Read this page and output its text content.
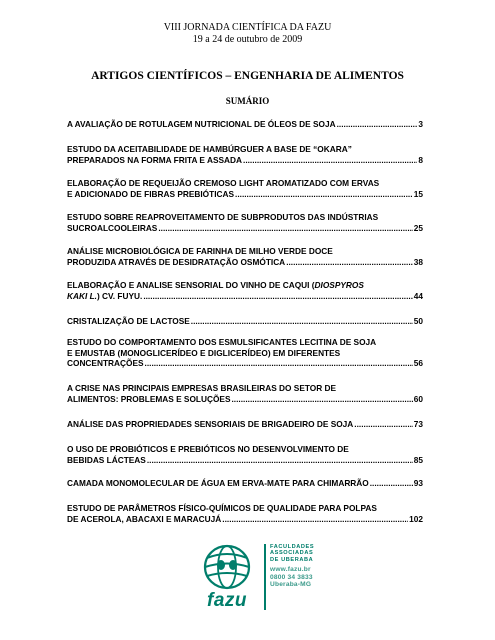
VIII JORNADA CIENTÍFICA DA FAZU
19 a 24 de outubro de 2009
ARTIGOS CIENTÍFICOS – ENGENHARIA DE ALIMENTOS
SUMÁRIO
A AVALIAÇÃO DE ROTULAGEM NUTRICIONAL DE ÓLEOS DE SOJA .....	3
ESTUDO DA ACEITABILIDADE DE HAMBÚRGUER A BASE DE “OKARA”
PREPARADOS NA FORMA FRITA E ASSADA .....	8
ELABORAÇÃO DE REQUEIJÃO CREMOSO LIGHT AROMATIZADO COM ERVAS
E ADICIONADO DE FIBRAS PREBIÓTICAS .....	15
ESTUDO SOBRE REAPROVEITAMENTO DE SUBPRODUTOS DAS INDÚSTRIAS
SUCROALCOOLEIRAS .....	25
ANÁLISE MICROBIOLÓGICA DE FARINHA DE MILHO VERDE DOCE
PRODUZIDA ATRAVÉS DE DESIDRATAÇÃO OSMÓTICA .....	38
ELABORAÇÃO E ANALISE SENSORIAL DO VINHO DE CAQUI (DIOSPYROS
KAKI L.) CV. FUYU. .....	44
CRISTALIZAÇÃO DE LACTOSE .....	50
ESTUDO DO COMPORTAMENTO DOS ESMULSIFICANTES LECITINA DE SOJA
E EMUSTAB (MONOGLICERÍDEO E DIGLICERÍDEO) EM DIFERENTES
CONCENTRAÇÕES .....	56
A CRISE NAS PRINCIPAIS EMPRESAS BRASILEIRAS DO SETOR DE
ALIMENTOS: PROBLEMAS E SOLUÇÕES .....	60
ANÁLISE DAS PROPRIEDADES SENSORIAIS DE BRIGADEIRO DE SOJA .....	73
O USO DE PROBIÓTICOS E PREBIÓTICOS NO DESENVOLVIMENTO DE
BEBIDAS LÁCTEAS .....	85
CAMADA MONOMOLECULAR DE ÁGUA EM ERVA-MATE PARA CHIMARRÃO .....	93
ESTUDO DE PARÂMETROS FÍSICO-QUÍMICOS DE QUALIDADE PARA POLPAS
DE ACEROLA, ABACAXI E MARACUJÁ .....	102
fazu
FACULDADES
ASSOCIADAS
DE UBERABA
www.fazu.br
0800 34 3833
Uberaba-MG
